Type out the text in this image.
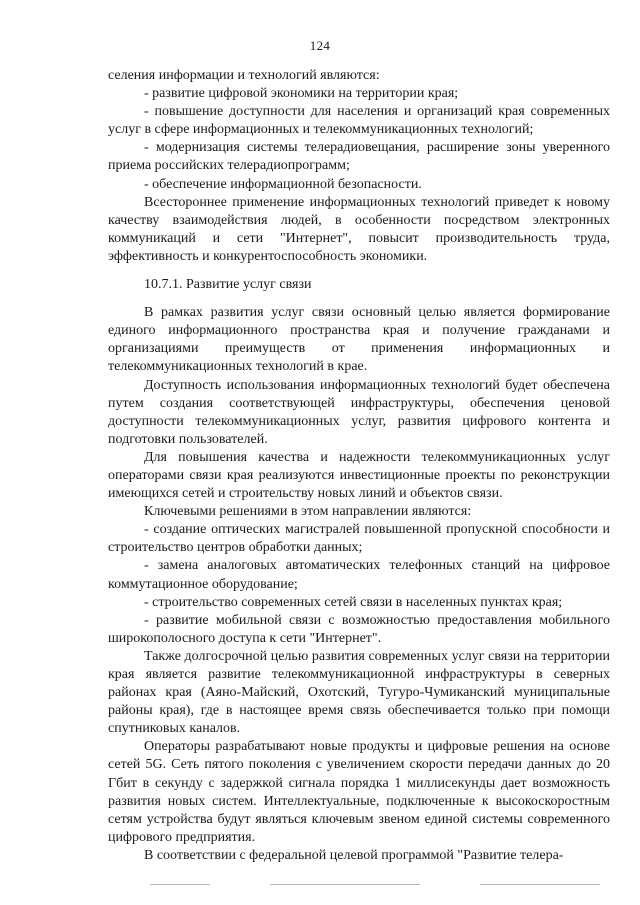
124

селения информации и технологий являются:

- развитие цифровой экономики на территории края;

- повышение доступности для населения и организаций края современных услуг в сфере информационных и телекоммуникационных технологий;

- модернизация системы телерадиовещания, расширение зоны уверенного приема российских телерадиопрограмм;

- обеспечение информационной безопасности.

Всестороннее применение информационных технологий приведет к новому качеству взаимодействия людей, в особенности посредством электронных коммуникаций и сети "Интернет", повысит производительность труда, эффективность и конкурентоспособность экономики.

10.7.1. Развитие услуг связи

В рамках развития услуг связи основный целью является формирование единого информационного пространства края и получение гражданами и организациями преимуществ от применения информационных и телекоммуникационных технологий в крае.

Доступность использования информационных технологий будет обеспечена путем создания соответствующей инфраструктуры, обеспечения ценовой доступности телекоммуникационных услуг, развития цифрового контента и подготовки пользователей.

Для повышения качества и надежности телекоммуникационных услуг операторами связи края реализуются инвестиционные проекты по реконструкции имеющихся сетей и строительству новых линий и объектов связи.

Ключевыми решениями в этом направлении являются:

- создание оптических магистралей повышенной пропускной способности и строительство центров обработки данных;

- замена аналоговых автоматических телефонных станций на цифровое коммутационное оборудование;

- строительство современных сетей связи в населенных пунктах края;

- развитие мобильной связи с возможностью предоставления мобильного широкополосного доступа к сети "Интернет".

Также долгосрочной целью развития современных услуг связи на территории края является развитие телекоммуникационной инфраструктуры в северных районах края (Аяно-Майский, Охотский, Тугуро-Чумиканский муниципальные районы края), где в настоящее время связь обеспечивается только при помощи спутниковых каналов.

Операторы разрабатывают новые продукты и цифровые решения на основе сетей 5G. Сеть пятого поколения с увеличением скорости передачи данных до 20 Гбит в секунду с задержкой сигнала порядка 1 миллисекунды дает возможность развития новых систем. Интеллектуальные, подключенные к высокоскоростным сетям устройства будут являться ключевым звеном единой системы современного цифрового предприятия.

В соответствии с федеральной целевой программой "Развитие телера-
